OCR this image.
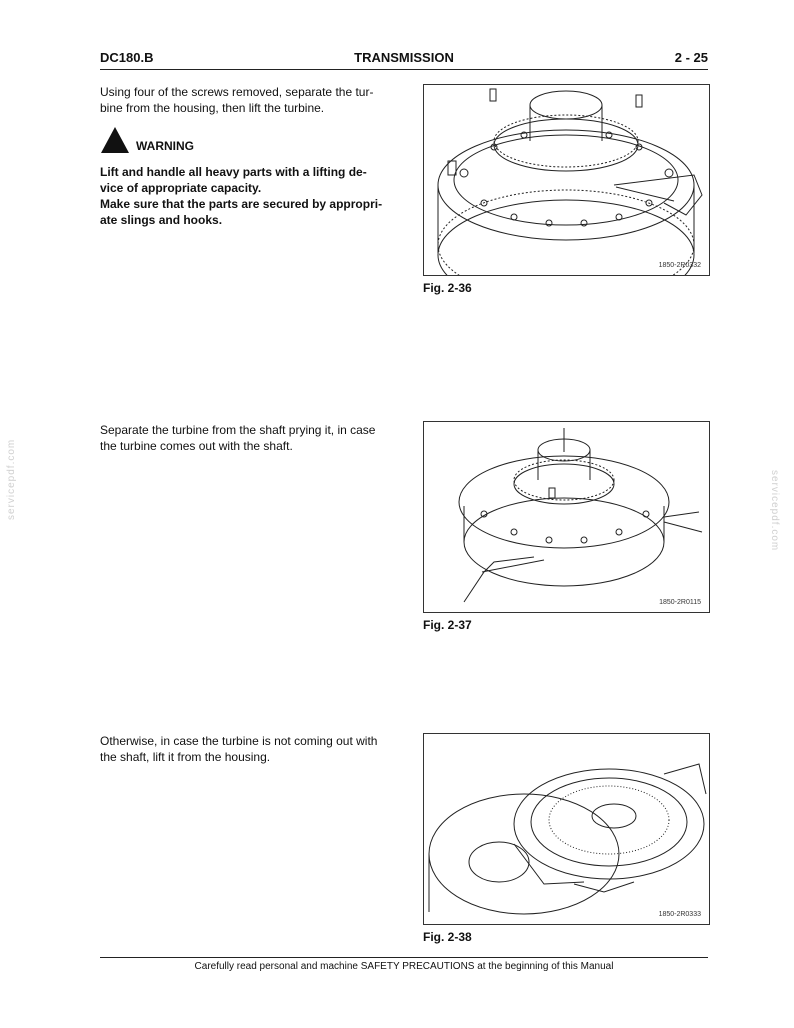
DC180.B	TRANSMISSION	2 - 25
Using four of the screws removed, separate the tur-bine from the housing, then lift the turbine.
WARNING
Lift and handle all heavy parts with a lifting de-vice of appropriate capacity.
Make sure that the parts are secured by appropri-ate slings and hooks.
1850-2R0332
Fig. 2-36
Separate the turbine from the shaft prying it, in case the turbine comes out with the shaft.
1850-2R0115
Fig. 2-37
Otherwise, in case the turbine is not coming out with the shaft, lift it from the housing.
1850-2R0333
Fig. 2-38
Carefully read personal and machine SAFETY PRECAUTIONS at the beginning of this Manual
servicepdf.com	servicepdf.com
